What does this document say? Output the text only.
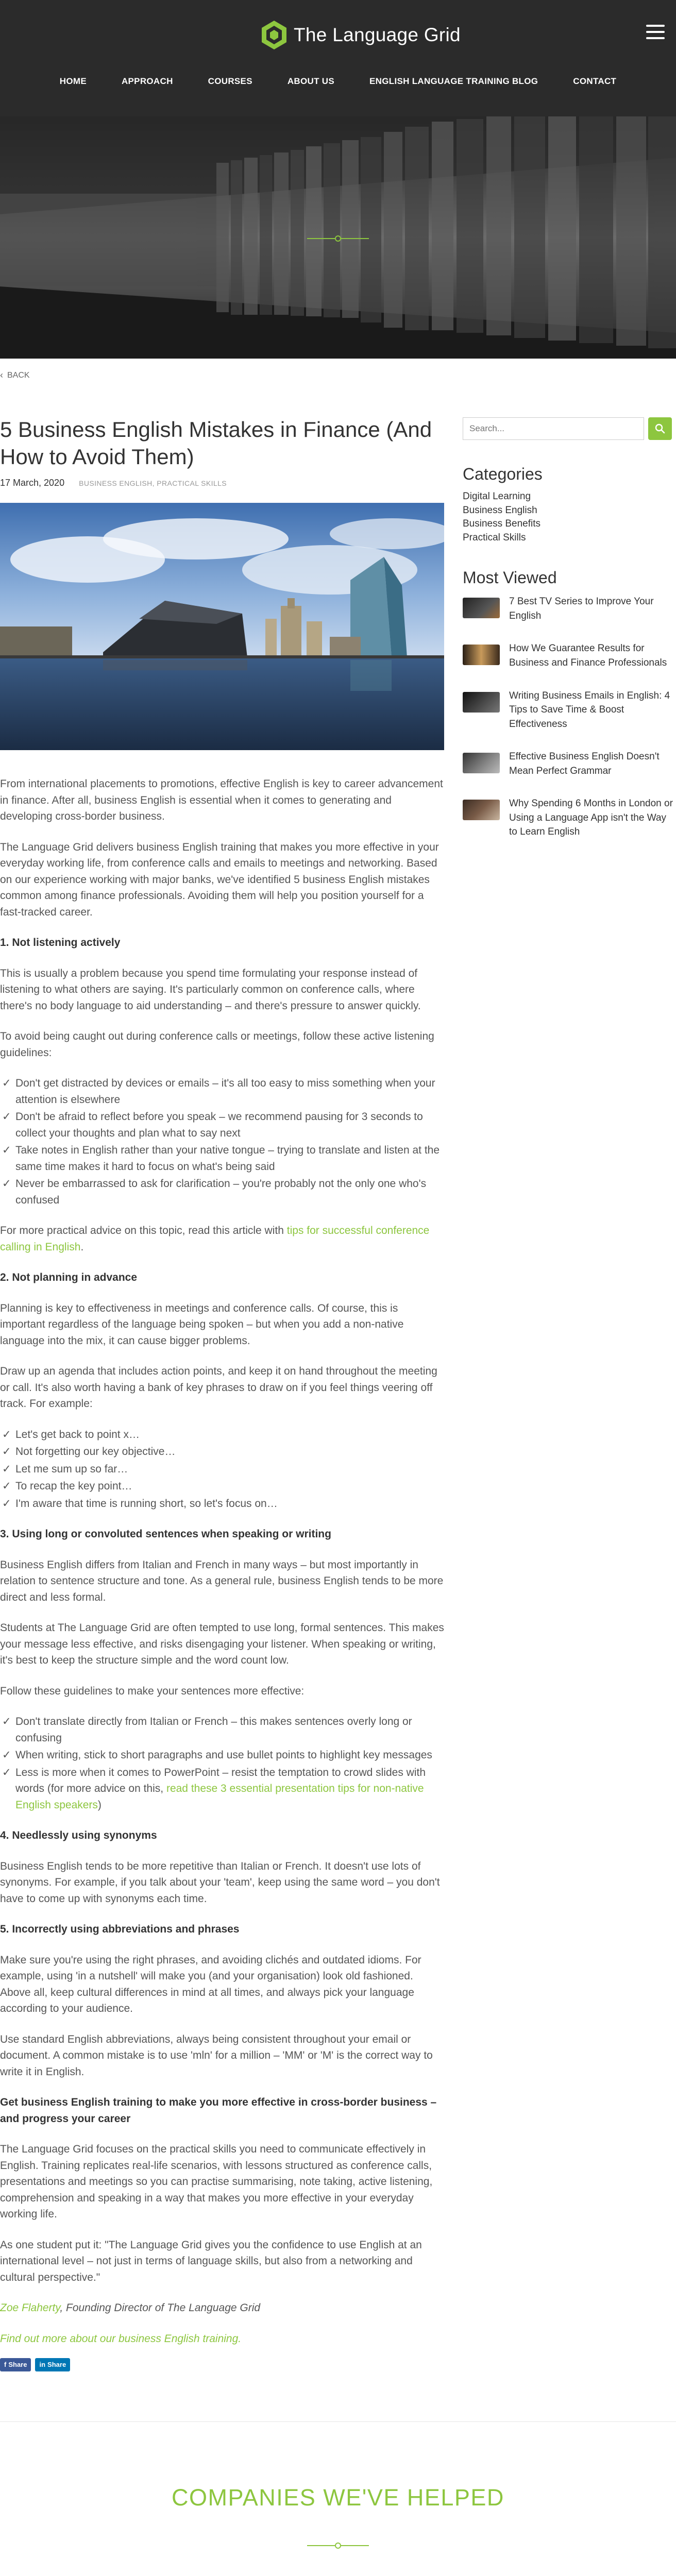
The Language Grid
HOME	APPROACH	COURSES	ABOUT US	ENGLISH LANGUAGE TRAINING BLOG	CONTACT
‹ BACK
5 Business English Mistakes in Finance (And How to Avoid Them)
17 March, 2020 BUSINESS ENGLISH, PRACTICAL SKILLS

From international placements to promotions, effective English is key to career advancement in finance. After all, business English is essential when it comes to generating and developing cross-border business.

The Language Grid delivers business English training that makes you more effective in your everyday working life, from conference calls and emails to meetings and networking. Based on our experience working with major banks, we've identified 5 business English mistakes common among finance professionals. Avoiding them will help you position yourself for a fast-tracked career.

1. Not listening actively

This is usually a problem because you spend time formulating your response instead of listening to what others are saying. It's particularly common on conference calls, where there's no body language to aid understanding – and there's pressure to answer quickly.

To avoid being caught out during conference calls or meetings, follow these active listening guidelines:

✓ Don't get distracted by devices or emails – it's all too easy to miss something when your attention is elsewhere
✓ Don't be afraid to reflect before you speak – we recommend pausing for 3 seconds to collect your thoughts and plan what to say next
✓ Take notes in English rather than your native tongue – trying to translate and listen at the same time makes it hard to focus on what's being said
✓ Never be embarrassed to ask for clarification – you're probably not the only one who's confused

For more practical advice on this topic, read this article with tips for successful conference calling in English.

2. Not planning in advance

Planning is key to effectiveness in meetings and conference calls. Of course, this is important regardless of the language being spoken – but when you add a non-native language into the mix, it can cause bigger problems.

Draw up an agenda that includes action points, and keep it on hand throughout the meeting or call. It's also worth having a bank of key phrases to draw on if you feel things veering off track. For example:

✓ Let's get back to point x…
✓ Not forgetting our key objective…
✓ Let me sum up so far…
✓ To recap the key point…
✓ I'm aware that time is running short, so let's focus on…
3. Using long or convoluted sentences when speaking or writing

Business English differs from Italian and French in many ways – but most importantly in relation to sentence structure and tone. As a general rule, business English tends to be more direct and less formal.

Students at The Language Grid are often tempted to use long, formal sentences. This makes your message less effective, and risks disengaging your listener. When speaking or writing, it's best to keep the structure simple and the word count low.

Follow these guidelines to make your sentences more effective:

✓ Don't translate directly from Italian or French – this makes sentences overly long or confusing
✓ When writing, stick to short paragraphs and use bullet points to highlight key messages
✓ Less is more when it comes to PowerPoint – resist the temptation to crowd slides with words (for more advice on this, read these 3 essential presentation tips for non-native English speakers)
4. Needlessly using synonyms

Business English tends to be more repetitive than Italian or French. It doesn't use lots of synonyms. For example, if you talk about your 'team', keep using the same word – you don't have to come up with synonyms each time.

5. Incorrectly using abbreviations and phrases

Make sure you're using the right phrases, and avoiding clichés and outdated idioms. For example, using 'in a nutshell' will make you (and your organisation) look old fashioned. Above all, keep cultural differences in mind at all times, and always pick your language according to your audience.

Use standard English abbreviations, always being consistent throughout your email or document. A common mistake is to use 'mln' for a million – 'MM' or 'M' is the correct way to write it in English.

Get business English training to make you more effective in cross-border business – and progress your career

The Language Grid focuses on the practical skills you need to communicate effectively in English. Training replicates real-life scenarios, with lessons structured as conference calls, presentations and meetings so you can practise summarising, note taking, active listening, comprehension and speaking in a way that makes you more effective in your everyday working life.

As one student put it: "The Language Grid gives you the confidence to use English at an international level – not just in terms of language skills, but also from a networking and cultural perspective."

Zoe Flaherty, Founding Director of The Language Grid

Find out more about our business English training.

f Share in Share
Search...
Categories
Digital Learning
Business English
Business Benefits
Practical Skills
Most Viewed
7 Best TV Series to Improve Your English
How We Guarantee Results for Business and Finance Professionals
Writing Business Emails in English: 4 Tips to Save Time & Boost Effectiveness
Effective Business English Doesn't Mean Perfect Grammar
Why Spending 6 Months in London or Using a Language App isn't the Way to Learn English
COMPANIES WE'VE HELPED
